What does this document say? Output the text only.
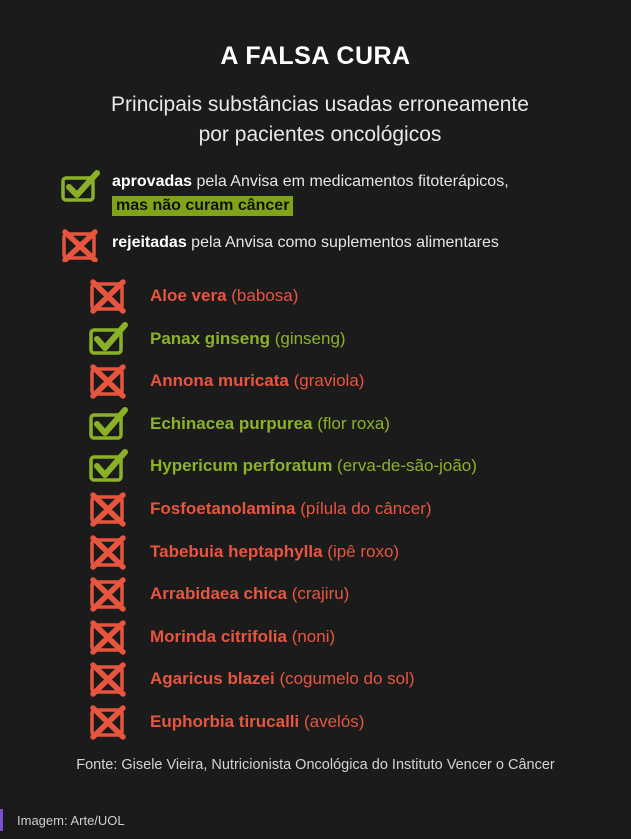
A FALSA CURA
Principais substâncias usadas erroneamente
por pacientes oncológicos
aprovadas pela Anvisa em medicamentos fitoterápicos,
mas não curam câncer
rejeitadas pela Anvisa como suplementos alimentares
Aloe vera (babosa)
Panax ginseng (ginseng)
Annona muricata (graviola)
Echinacea purpurea (flor roxa)
Hypericum perforatum (erva-de-são-joão)
Fosfoetanolamina (pílula do câncer)
Tabebuia heptaphylla (ipê roxo)
Arrabidaea chica (crajiru)
Morinda citrifolia (noni)
Agaricus blazei (cogumelo do sol)
Euphorbia tirucalli (avelós)
Fonte: Gisele Vieira, Nutricionista Oncológica do Instituto Vencer o Câncer
Imagem: Arte/UOL
